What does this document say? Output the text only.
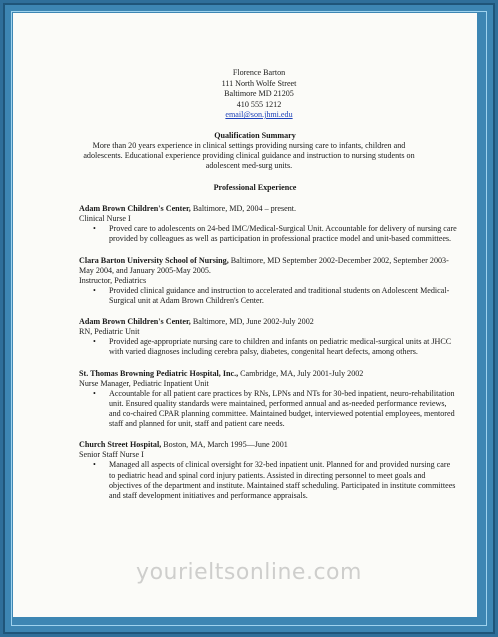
Florence Barton
111 North Wolfe Street
Baltimore MD 21205
410 555 1212
email@son.jhmi.edu
Qualification Summary
More than 20 years experience in clinical settings providing nursing care to infants, children and adolescents. Educational experience providing clinical guidance and instruction to nursing students on adolescent med-surg units.
Professional Experience
Adam Brown Children's Center, Baltimore, MD, 2004 – present.
Clinical Nurse I
• Proved care to adolescents on 24-bed IMC/Medical-Surgical Unit. Accountable for delivery of nursing care provided by colleagues as well as participation in professional practice model and unit-based committees.
Clara Barton University School of Nursing, Baltimore, MD September 2002-December 2002, September 2003-May 2004, and January 2005-May 2005.
Instructor, Pediatrics
• Provided clinical guidance and instruction to accelerated and traditional students on Adolescent Medical-Surgical unit at Adam Brown Children's Center.
Adam Brown Children's Center, Baltimore, MD, June 2002-July 2002
RN, Pediatric Unit
• Provided age-appropriate nursing care to children and infants on pediatric medical-surgical units at JHCC with varied diagnoses including cerebra palsy, diabetes, congenital heart defects, among others.
St. Thomas Browning Pediatric Hospital, Inc., Cambridge, MA, July 2001-July 2002
Nurse Manager, Pediatric Inpatient Unit
• Accountable for all patient care practices by RNs, LPNs and NTs for 30-bed inpatient, neuro-rehabilitation unit. Ensured quality standards were maintained, performed annual and as-needed performance reviews, and co-chaired CPAR planning committee. Maintained budget, interviewed potential employees, mentored staff and planned for unit, staff and patient care needs.
Church Street Hospital, Boston, MA, March 1995—June 2001
Senior Staff Nurse I
• Managed all aspects of clinical oversight for 32-bed inpatient unit. Planned for and provided nursing care to pediatric head and spinal cord injury patients. Assisted in directing personnel to meet goals and objectives of the department and institute. Maintained staff scheduling. Participated in institute committees and staff development initiatives and performance appraisals.
yourieltsonline.com
